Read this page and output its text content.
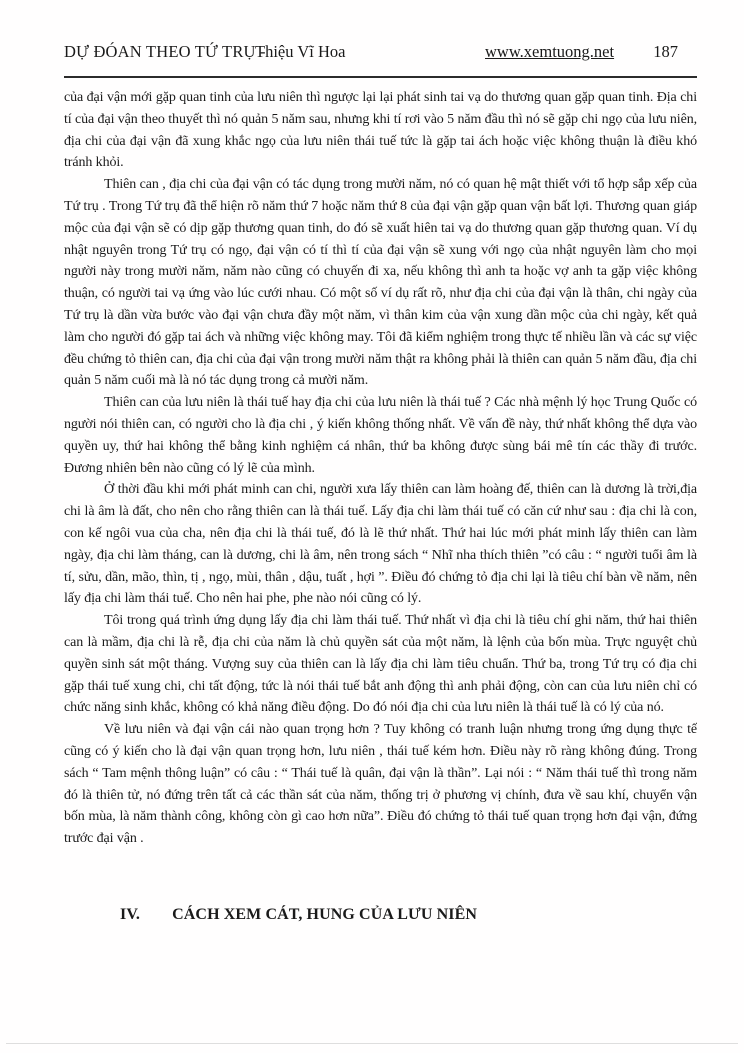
DỰ ĐÓAN THEO TỨ TRỤ -
Thiệu Vĩ Hoa	www.xemtuong.net 187

của đại vận mới gặp quan tinh của lưu niên thì ngược lại lại phát sinh tai vạ do thương quan gặp quan tinh. Địa chi tí của đại vận theo thuyết thì nó quản 5 năm sau, nhưng khi tí rơi vào 5 năm đầu thì nó sẽ gặp chi ngọ của lưu niên, địa chi của đại vận đã xung khắc ngọ của lưu niên thái tuế tức là gặp tai ách hoặc việc không thuận là điều khó tránh khỏi.

Thiên can , địa chi của đại vận có tác dụng trong mười năm, nó có quan hệ mật thiết với tổ hợp sắp xếp của Tứ trụ . Trong Tứ trụ đã thể hiện rõ năm thứ 7 hoặc năm thứ 8 của đại vận gặp quan vận bất lợi. Thương quan giáp mộc của đại vận sẽ có dịp gặp thương quan tinh, do đó sẽ xuất hiên tai vạ do thương quan gặp thương quan. Ví dụ nhật nguyên trong Tứ trụ có ngọ, đại vận có tí thì tí của đại vận sẽ xung với ngọ của nhật nguyên làm cho mọi người này trong mười năm, năm nào cũng có chuyến đi xa, nếu không thì anh ta hoặc vợ anh ta gặp việc không thuận, có người tai vạ ứng vào lúc cưới nhau. Có một số ví dụ rất rõ, như địa chi của đại vận là thân, chi ngày của Tứ trụ là dần vừa bước vào đại vận chưa đầy một năm, vì thân kim của vận xung dần mộc của chi ngày, kết quả làm cho người đó gặp tai ách và những việc không may. Tôi đã kiểm nghiệm trong thực tế nhiều lần và các sự việc đều chứng tỏ thiên can, địa chi của đại vận trong mười năm thật ra không phải là thiên can quản 5 năm đầu, địa chi quản 5 năm cuối mà là nó tác dụng trong cả mười năm.

Thiên can của lưu niên là thái tuế hay địa chi của lưu niên là thái tuế ? Các nhà mệnh lý học Trung Quốc có người nói thiên can, có người cho là địa chi , ý kiến không thống nhất. Về vấn đề này, thứ nhất không thể dựa vào quyền uy, thứ hai không thể bằng kinh nghiệm cá nhân, thứ ba không được sùng bái mê tín các thầy đi trước. Đương nhiên bên nào cũng có lý lẽ của mình.

Ở thời đầu khi mới phát minh can chi, người xưa lấy thiên can làm hoàng đế, thiên can là dương là trời,địa chi là âm là đất, cho nên cho rằng thiên can là thái tuế. Lấy địa chi làm thái tuế có căn cứ như sau : địa chi là con, con kế ngôi vua của cha, nên địa chi là thái tuế, đó là lẽ thứ nhất. Thứ hai lúc mới phát minh lấy thiên can làm ngày, địa chi làm tháng, can là dương, chi là âm, nên trong sách “ Nhĩ nha thích thiên ”có câu : “ người tuổi âm là tí, sửu, dần, mão, thìn, tị , ngọ, mùi, thân , dậu, tuất , hợi ”. Điều đó chứng tỏ địa chi lại là tiêu chí bàn về năm, nên lấy địa chi làm thái tuế. Cho nên hai phe, phe nào nói cũng có lý.

Tôi trong quá trình ứng dụng lấy địa chi làm thái tuế. Thứ nhất vì địa chi là tiêu chí ghi năm, thứ hai thiên can là mầm, địa chi là rễ, địa chi của năm là chủ quyền sát của một năm, là lệnh của bốn mùa. Trực nguyệt chủ quyền sinh sát một tháng. Vượng suy của thiên can là lấy địa chi làm tiêu chuẩn. Thứ ba, trong Tứ trụ có địa chi gặp thái tuế xung chi, chi tất động, tức là nói thái tuế bắt anh động thì anh phải động, còn can của lưu niên chỉ có chức năng sinh khắc, không có khả năng điều động. Do đó nói địa chi của lưu niên là thái tuế là có lý của nó.

Về lưu niên và đại vận cái nào quan trọng hơn ? Tuy không có tranh luận nhưng trong ứng dụng thực tế cũng có ý kiến cho là đại vận quan trọng hơn, lưu niên , thái tuế kém hơn. Điều này rõ ràng không đúng. Trong sách “ Tam mệnh thông luận” có câu : “ Thái tuế là quân, đại vận là thần”. Lại nói : “ Năm thái tuế thì trong năm đó là thiên tử, nó đứng trên tất cả các thần sát của năm, thống trị ở phương vị chính, đưa về sau khí, chuyển vận bốn mùa, là năm thành công, không còn gì cao hơn nữa”. Điều đó chứng tỏ thái tuế quan trọng hơn đại vận, đứng trước đại vận .

IV. CÁCH XEM CÁT, HUNG CỦA LƯU NIÊN
